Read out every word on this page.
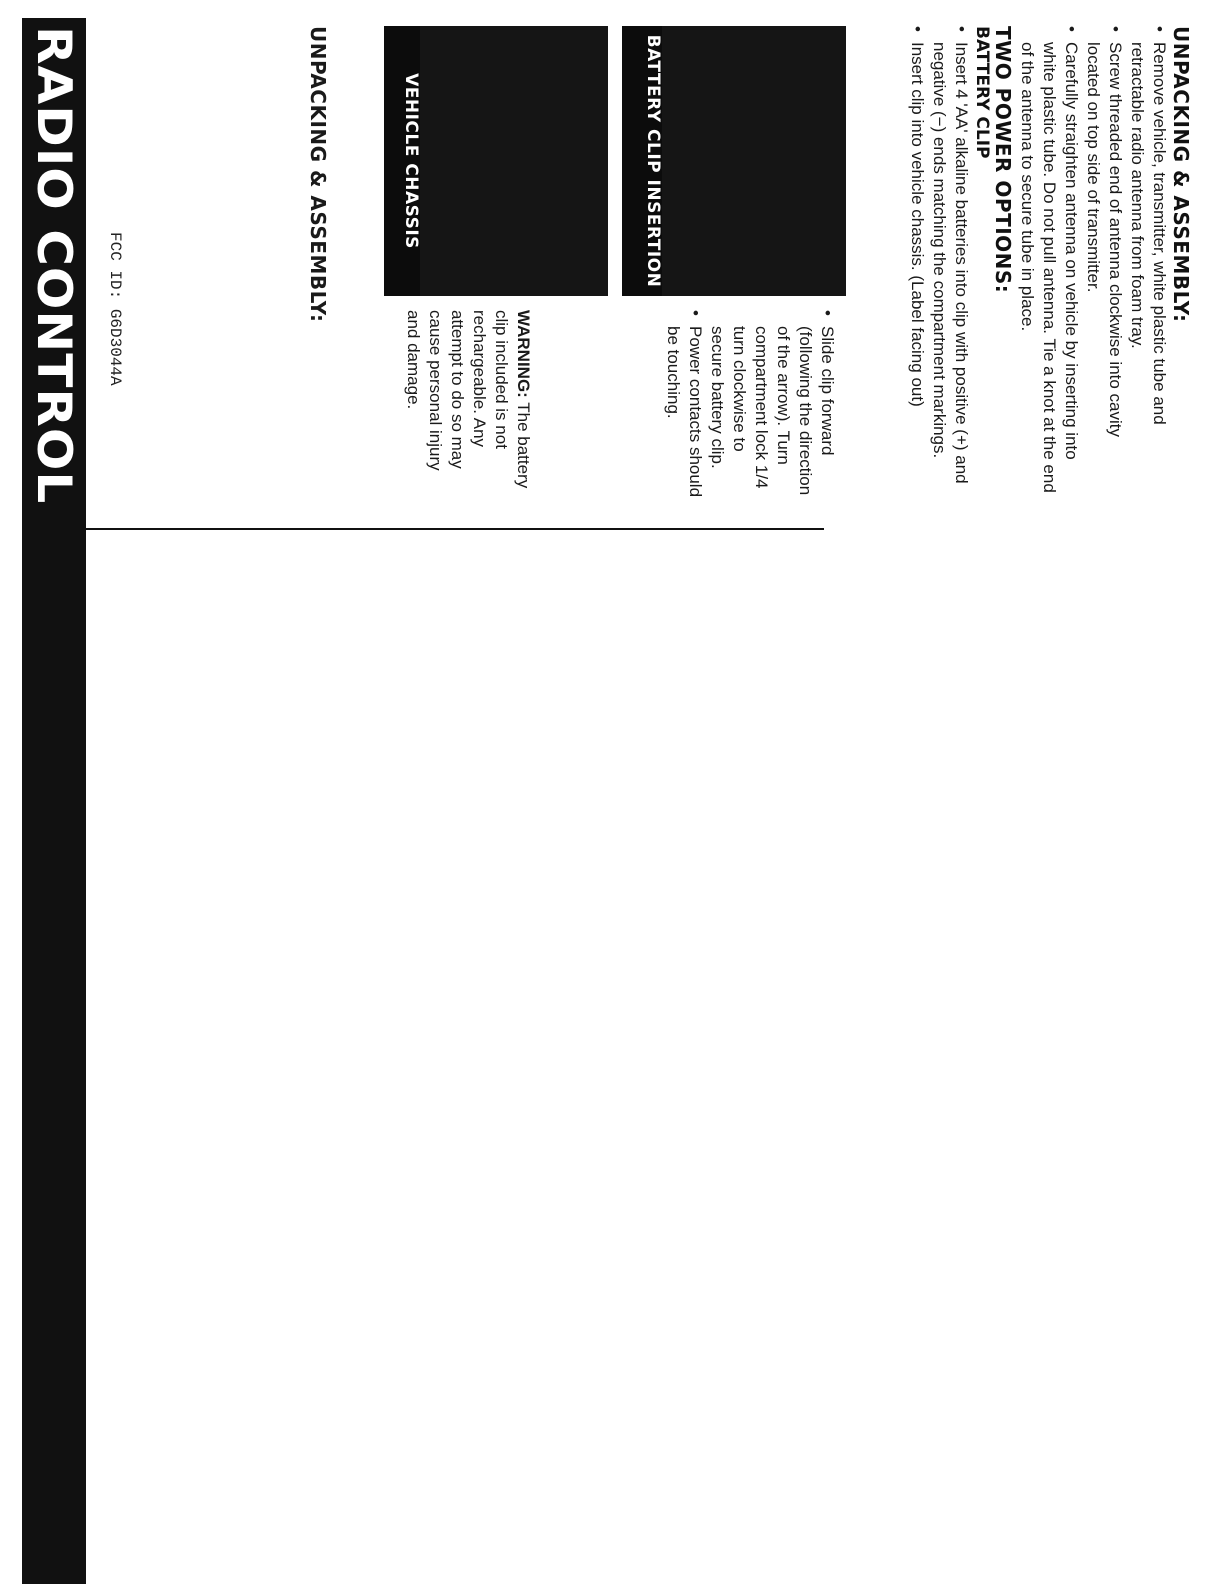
RADIO CONTROL FCC ID: G6D3044A	UNPACKING & ASSEMBLY:	UNPACKING & ASSEMBLY:
• Remove vehicle, transmitter, white plastic tube and retractable radio antenna from foam tray.
• Screw threaded end of antenna clockwise into cavity located on top side of transmitter.
• Carefully straighten antenna on vehicle by inserting into white plastic tube. Do not pull antenna. Tie a knot at the end of the antenna to secure tube in place.
TWO POWER OPTIONS:
BATTERY CLIP
• Insert 4 'AA' alkaline batteries into clip with positive (+) and negative (−) ends matching the compartment markings.
• Insert clip into vehicle chassis. (Label facing out)
BATTERY CLIP INSERTION
VEHICLE CHASSIS
• Slide clip forward (following the direction of the arrow). Turn compartment lock 1/4 turn clockwise to secure battery clip.
• Power contacts should be touching.
WARNING: The battery clip included is not rechargeable. Any attempt to do so may cause personal injury and damage.
